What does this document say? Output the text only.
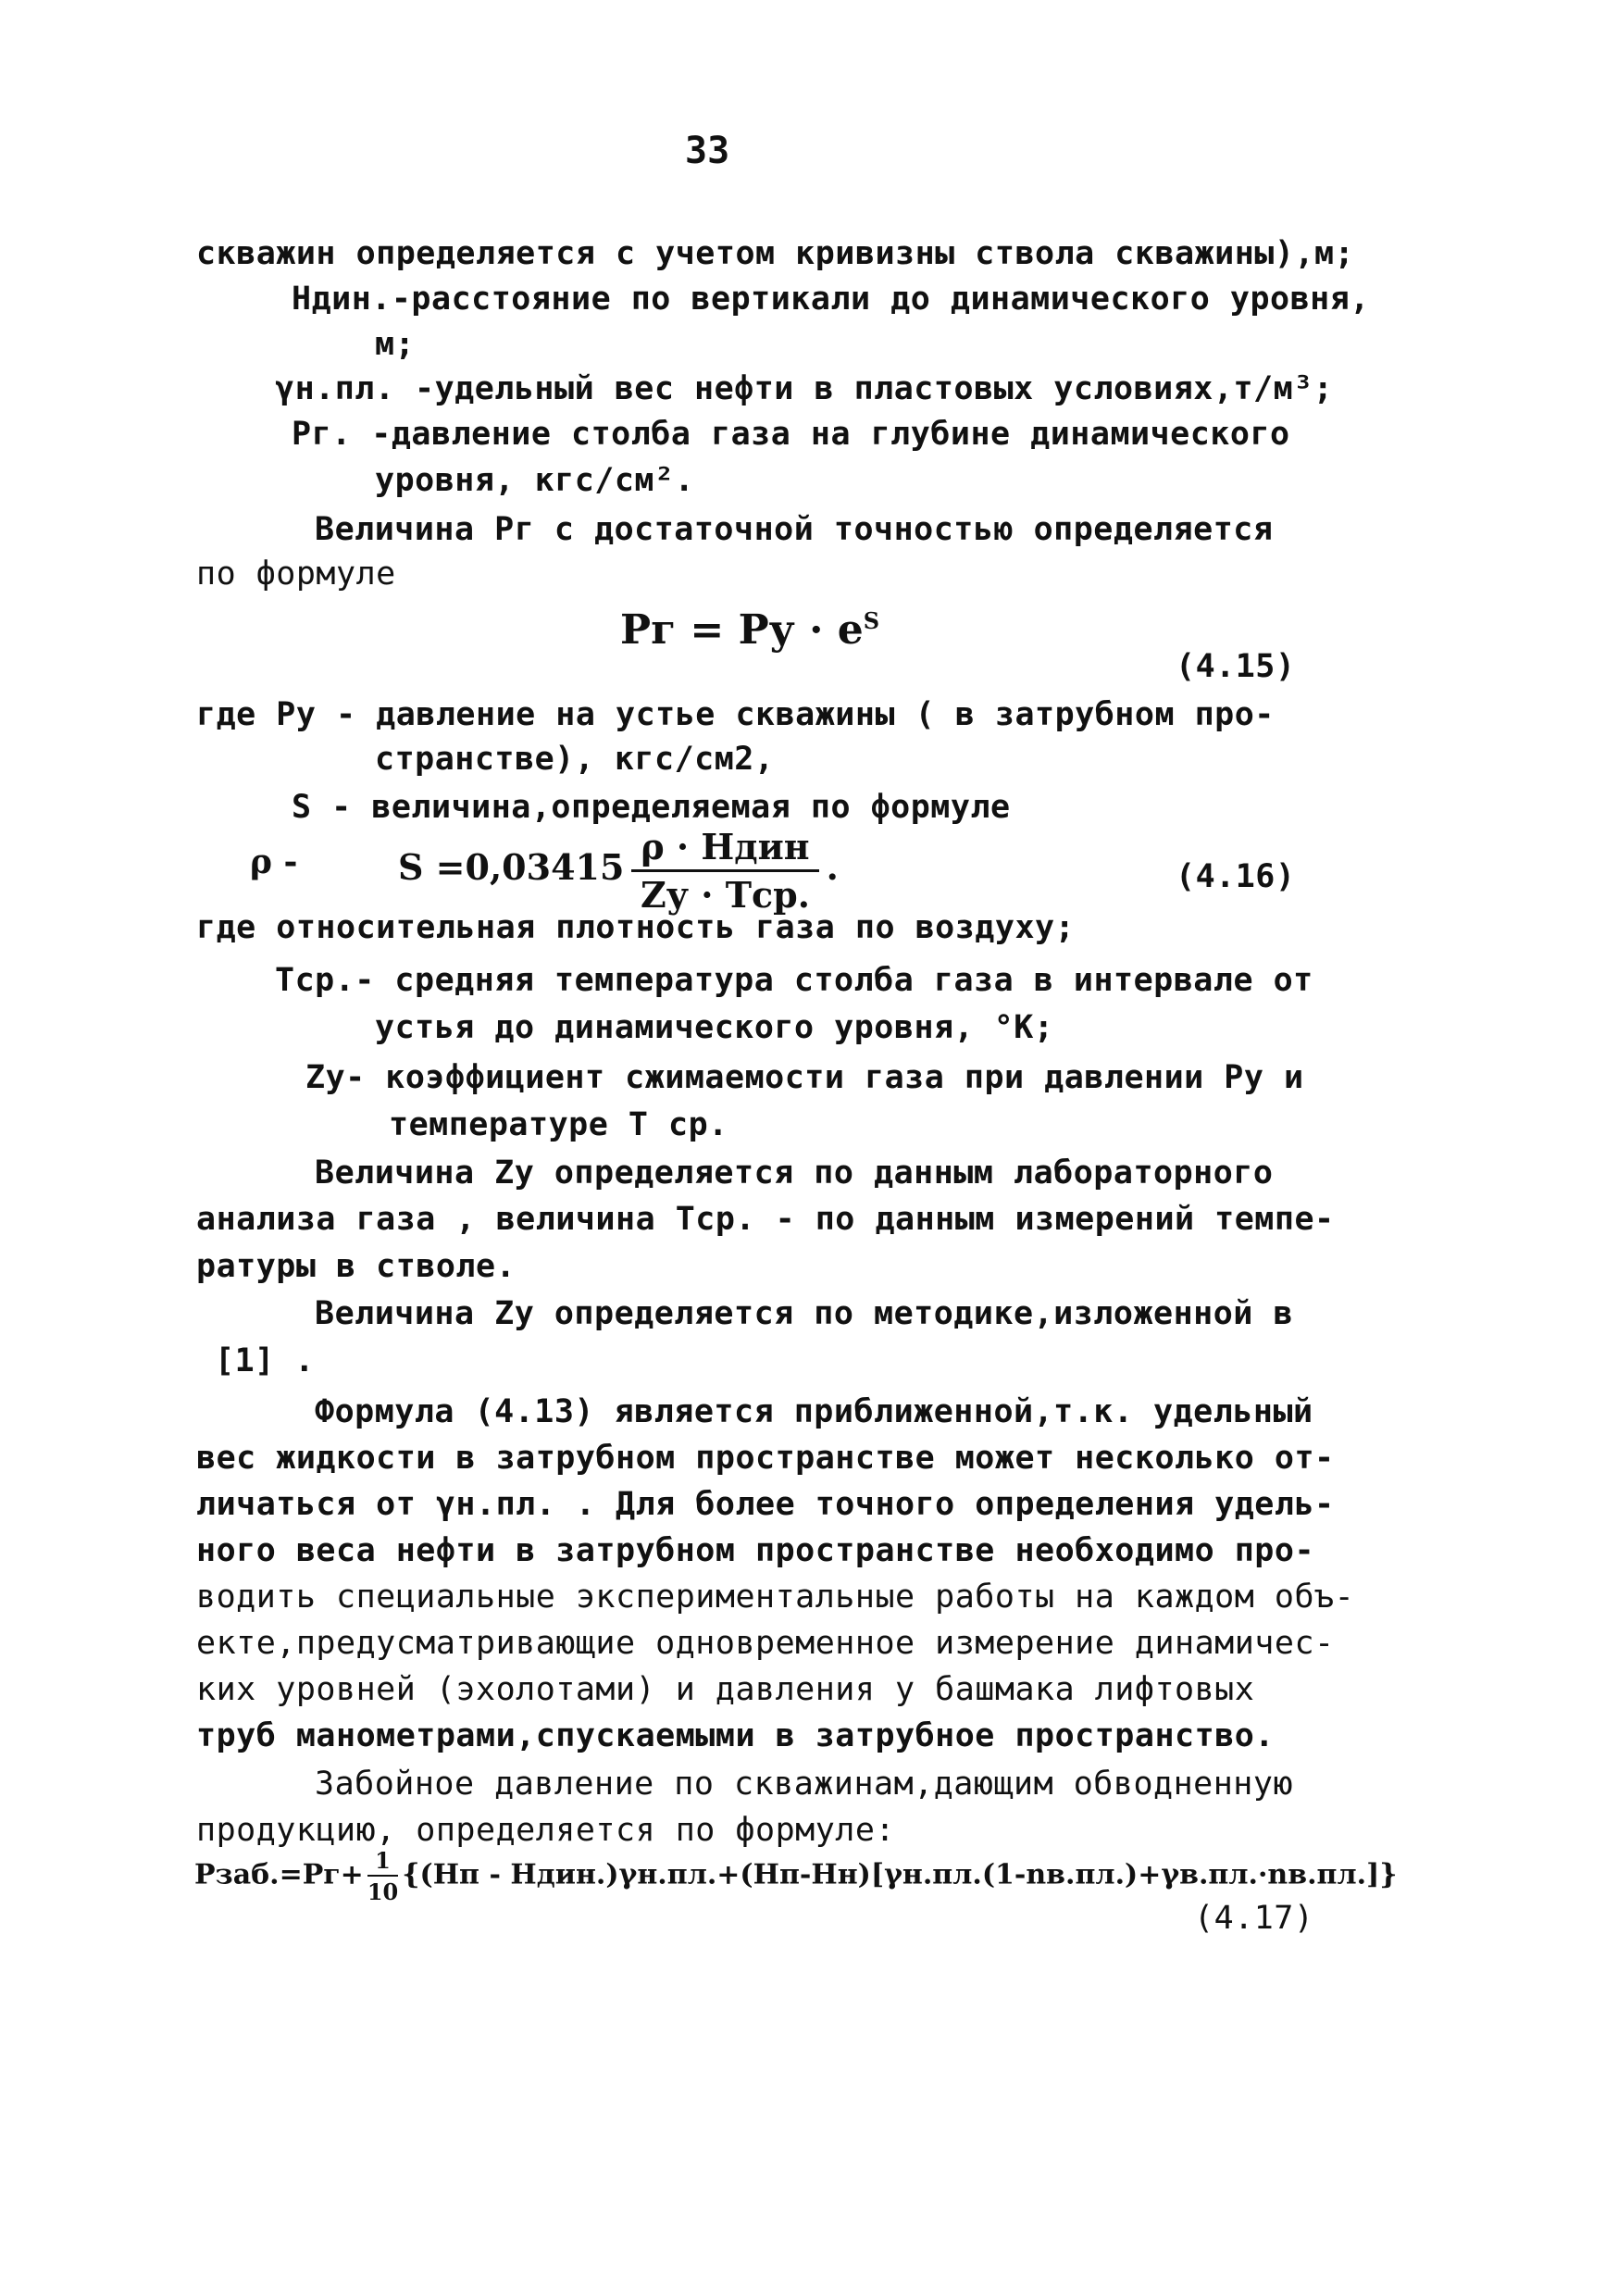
33
скважин определяется с учетом кривизны ствола скважины),м;
Hдин.-расстояние по вертикали до динамического уровня,
м;
γн.пл. -удельный вес нефти в пластовых условиях,т/м³;
Pг. -давление столба газа на глубине динамического
уровня, кгс/см².
Величина Pг с достаточной точностью определяется
по формуле
Pг = Pу · $e^S$
(4.15)
где Pу - давление на устье скважины ( в затрубном про-
странстве), кгс/см2,
S - величина,определяемая по формуле
ρ -	$S =0,03415 \frac{\text{ρ · Hдин}}{\text{Zу · Tср.}}$ .	(4.16)
где относительная плотность газа по воздуху;
Tср.- средняя температура столба газа в интервале от
устья до динамического уровня, °K;
Zу- коэффициент сжимаемости газа при давлении Pу и
температуре T ср.
Величина Zу определяется по данным лабораторного
анализа газа , величина Tср. - по данным измерений темпе-
ратуры в стволе.
Величина Zу определяется по методике,изложенной в
[1] .
Формула (4.13) является приближенной,т.к. удельный
вес жидкости в затрубном пространстве может несколько от-
личаться от γн.пл. . Для более точного определения удель-
ного веса нефти в затрубном пространстве необходимо про-
водить специальные экспериментальные работы на каждом объ-
екте,предусматривающие одновременное измерение динамичес-
ких уровней (эхолотами) и давления у башмака лифтовых
труб манометрами,спускаемыми в затрубное пространство.
Забойное давление по скважинам,дающим обводненную
продукцию, определяется по формуле:
Pзаб.=Pг+ $\frac{1}{10} \{(Hп$ - Hдин.)γн.пл.+(Hп-Hн)[γн.пл.(1-nв.пл.)+γв.пл.·nв.пл.]}
(4.17)
